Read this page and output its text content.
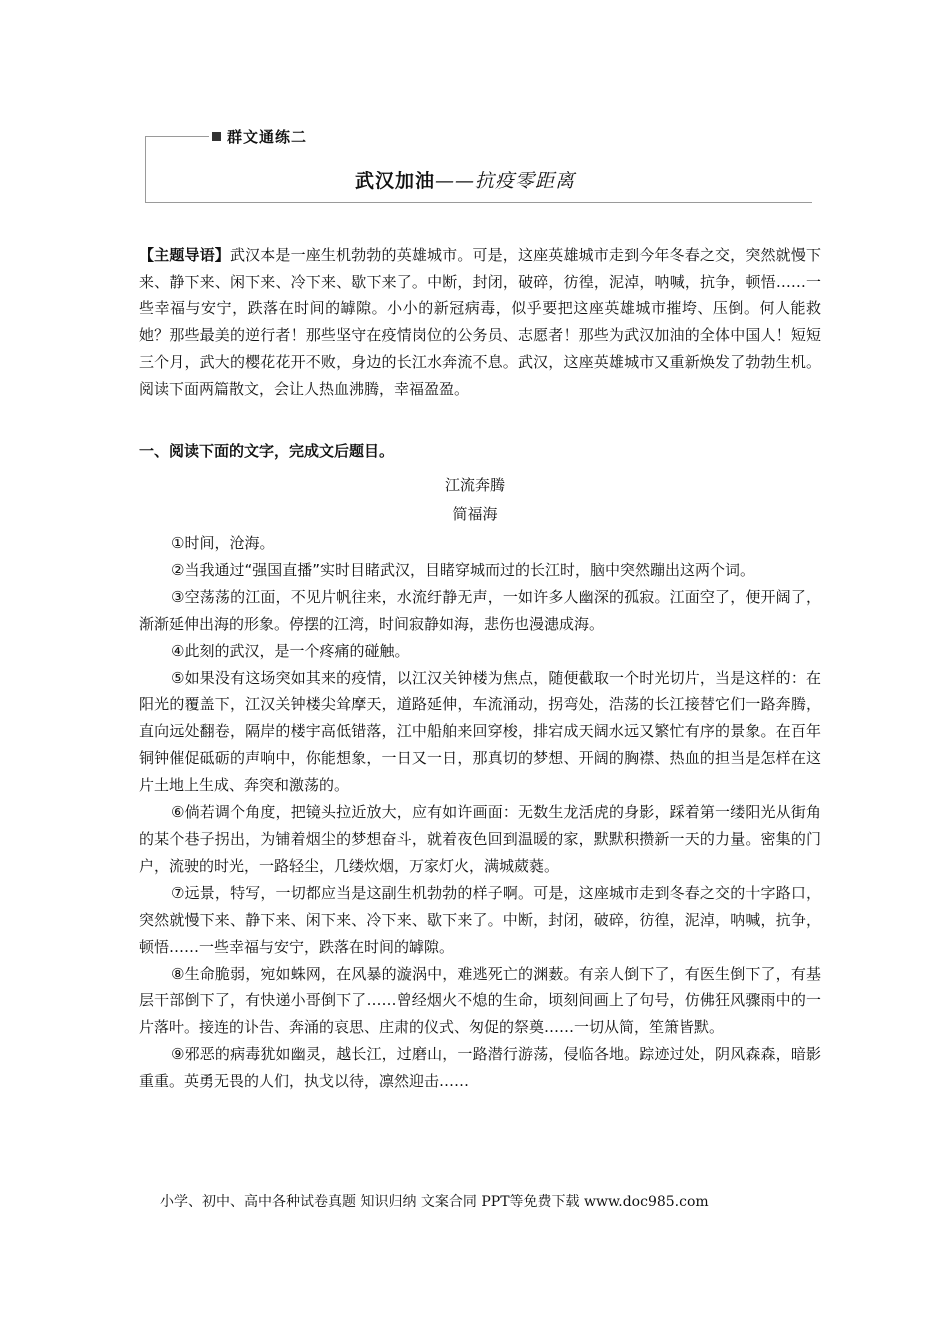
群文通练二
武汉加油——抗疫零距离
【主题导语】武汉本是一座生机勃勃的英雄城市。可是，这座英雄城市走到今年冬春之交，突然就慢下来、静下来、闲下来、冷下来、歇下来了。中断，封闭，破碎，彷徨，泥淖，呐喊，抗争，顿悟……一些幸福与安宁，跌落在时间的罅隙。小小的新冠病毒，似乎要把这座英雄城市摧垮、压倒。何人能救她？那些最美的逆行者！那些坚守在疫情岗位的公务员、志愿者！那些为武汉加油的全体中国人！短短三个月，武大的樱花花开不败，身边的长江水奔流不息。武汉，这座英雄城市又重新焕发了勃勃生机。阅读下面两篇散文，会让人热血沸腾，幸福盈盈。
一、阅读下面的文字，完成文后题目。
江流奔腾
简福海

①时间，沧海。

②当我通过“强国直播”实时目睹武汉，目睹穿城而过的长江时，脑中突然蹦出这两个词。

③空荡荡的江面，不见片帆往来，水流纡静无声，一如许多人幽深的孤寂。江面空了，便开阔了，渐渐延伸出海的形象。停摆的江湾，时间寂静如海，悲伤也漫漶成海。

④此刻的武汉，是一个疼痛的碰触。

⑤如果没有这场突如其来的疫情，以江汉关钟楼为焦点，随便截取一个时光切片，当是这样的：在阳光的覆盖下，江汉关钟楼尖耸摩天，道路延伸，车流涌动，拐弯处，浩荡的长江接替它们一路奔腾，直向远处翻卷，隔岸的楼宇高低错落，江中船舶来回穿梭，排宕成天阔水远又繁忙有序的景象。在百年铜钟催促砥砺的声响中，你能想象，一日又一日，那真切的梦想、开阔的胸襟、热血的担当是怎样在这片土地上生成、奔突和激荡的。

⑥倘若调个角度，把镜头拉近放大，应有如许画面：无数生龙活虎的身影，踩着第一缕阳光从街角的某个巷子拐出，为铺着烟尘的梦想奋斗，就着夜色回到温暖的家，默默积攒新一天的力量。密集的门户，流驶的时光，一路轻尘，几缕炊烟，万家灯火，满城葳蕤。

⑦远景，特写，一切都应当是这副生机勃勃的样子啊。可是，这座城市走到冬春之交的十字路口，突然就慢下来、静下来、闲下来、冷下来、歇下来了。中断，封闭，破碎，彷徨，泥淖，呐喊，抗争，顿悟……一些幸福与安宁，跌落在时间的罅隙。

⑧生命脆弱，宛如蛛网，在风暴的漩涡中，难逃死亡的渊薮。有亲人倒下了，有医生倒下了，有基层干部倒下了，有快递小哥倒下了……曾经烟火不熄的生命，顷刻间画上了句号，仿佛狂风骤雨中的一片落叶。接连的讣告、奔涌的哀思、庄肃的仪式、匆促的祭奠……一切从简，笙箫皆默。

⑨邪恶的病毒犹如幽灵，越长江，过磨山，一路潜行游荡，侵临各地。踪迹过处，阴风森森，暗影重重。英勇无畏的人们，执戈以待，凛然迎击……

小学、初中、高中各种试卷真题 知识归纳 文案合同 PPT等免费下载 www.doc985.com
